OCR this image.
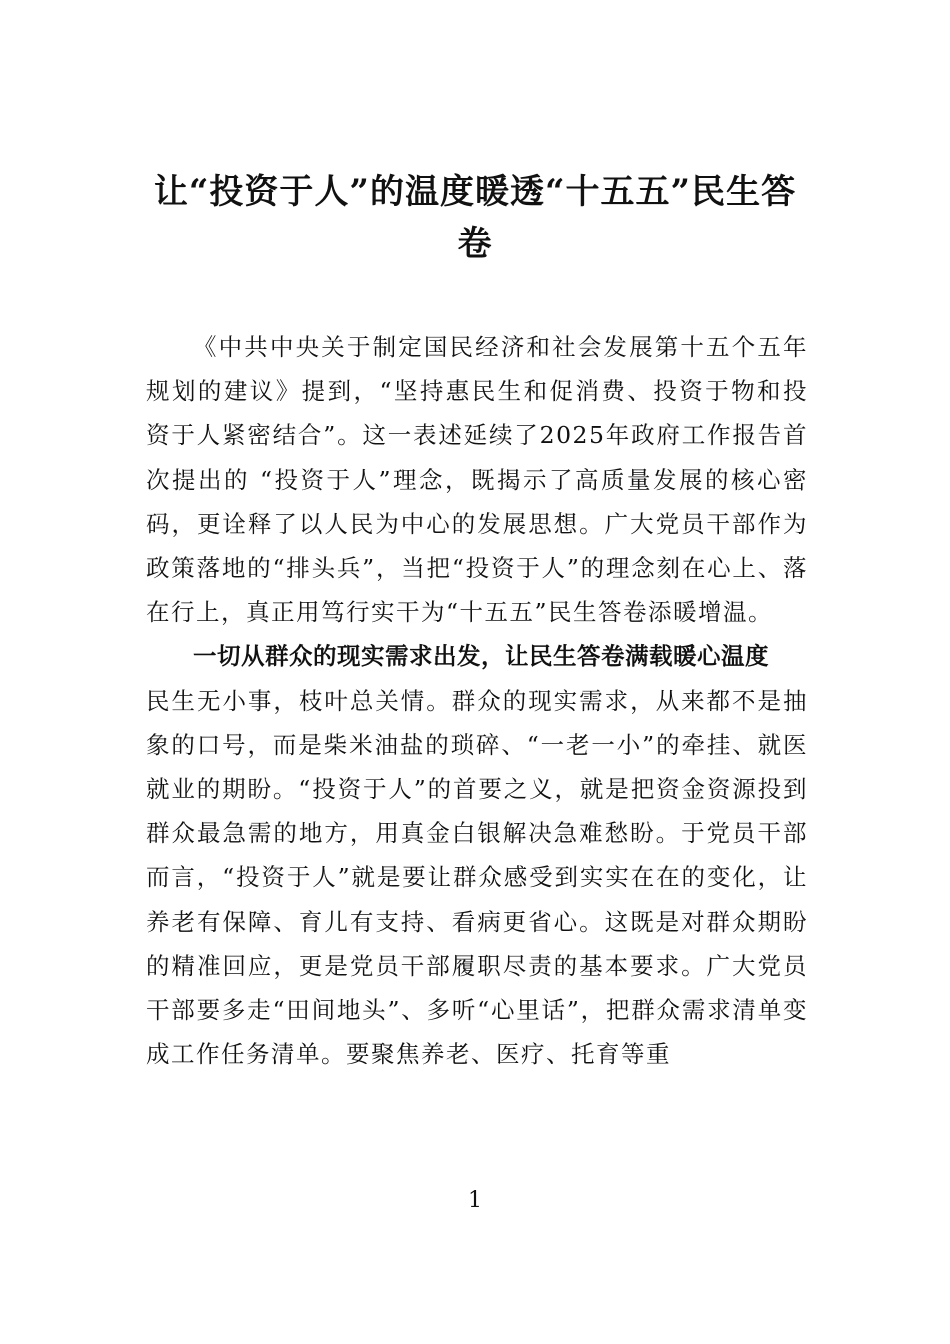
让“投资于人”的温度暖透“十五五”民生答卷

《中共中央关于制定国民经济和社会发展第十五个五年规划的建议》提到，“坚持惠民生和促消费、投资于物和投资于人紧密结合”。这一表述延续了2025年政府工作报告首次提出的 “投资于人”理念，既揭示了高质量发展的核心密码，更诠释了以人民为中心的发展思想。广大党员干部作为政策落地的“排头兵”，当把“投资于人”的理念刻在心上、落在行上，真正用笃行实干为“十五五”民生答卷添暖增温。

一切从群众的现实需求出发，让民生答卷满载暖心温度

民生无小事，枝叶总关情。群众的现实需求，从来都不是抽象的口号，而是柴米油盐的琐碎、“一老一小”的牵挂、就医就业的期盼。“投资于人”的首要之义，就是把资金资源投到群众最急需的地方，用真金白银解决急难愁盼。于党员干部而言，“投资于人”就是要让群众感受到实实在在的变化，让养老有保障、育儿有支持、看病更省心。这既是对群众期盼的精准回应，更是党员干部履职尽责的基本要求。广大党员干部要多走“田间地头”、多听“心里话”，把群众需求清单变成工作任务清单。要聚焦养老、医疗、托育等重

1
